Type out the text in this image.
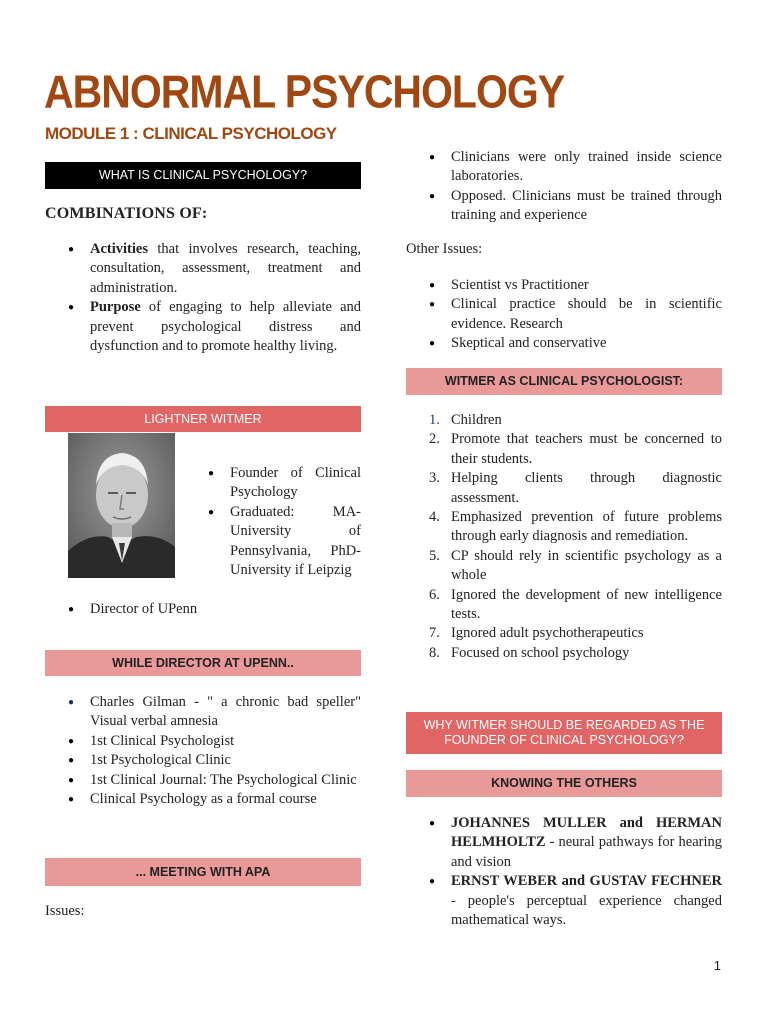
ABNORMAL PSYCHOLOGY
MODULE 1 : CLINICAL PSYCHOLOGY
WHAT IS CLINICAL PSYCHOLOGY?
COMBINATIONS OF:
● Activities that involves research, teaching, consultation, assessment, treatment and administration.
● Purpose of engaging to help alleviate and prevent psychological distress and dysfunction and to promote healthy living.
LIGHTNER WITMER
● Founder of Clinical Psychology
● Graduated: MA- University of Pennsylvania, PhD- University if Leipzig
● Director of UPenn
WHILE DIRECTOR AT UPENN..
● Charles Gilman - " a chronic bad speller" Visual verbal amnesia
● 1st Clinical Psychologist
● 1st Psychological Clinic
● 1st Clinical Journal: The Psychological Clinic
● Clinical Psychology as a formal course
... MEETING WITH APA
Issues:
● Clinicians were only trained inside science laboratories.
● Opposed. Clinicians must be trained through training and experience
Other Issues:
● Scientist vs Practitioner
● Clinical practice should be in scientific evidence. Research
● Skeptical and conservative
WITMER AS CLINICAL PSYCHOLOGIST:
1. Children
2. Promote that teachers must be concerned to their students.
3. Helping clients through diagnostic assessment.
4. Emphasized prevention of future problems through early diagnosis and remediation.
5. CP should rely in scientific psychology as a whole
6. Ignored the development of new intelligence tests.
7. Ignored adult psychotherapeutics
8. Focused on school psychology
WHY WITMER SHOULD BE REGARDED AS THE FOUNDER OF CLINICAL PSYCHOLOGY?
KNOWING THE OTHERS
● JOHANNES MULLER and HERMAN HELMHOLTZ - neural pathways for hearing and vision
● ERNST WEBER and GUSTAV FECHNER - people's perceptual experience changed mathematical ways.
1
